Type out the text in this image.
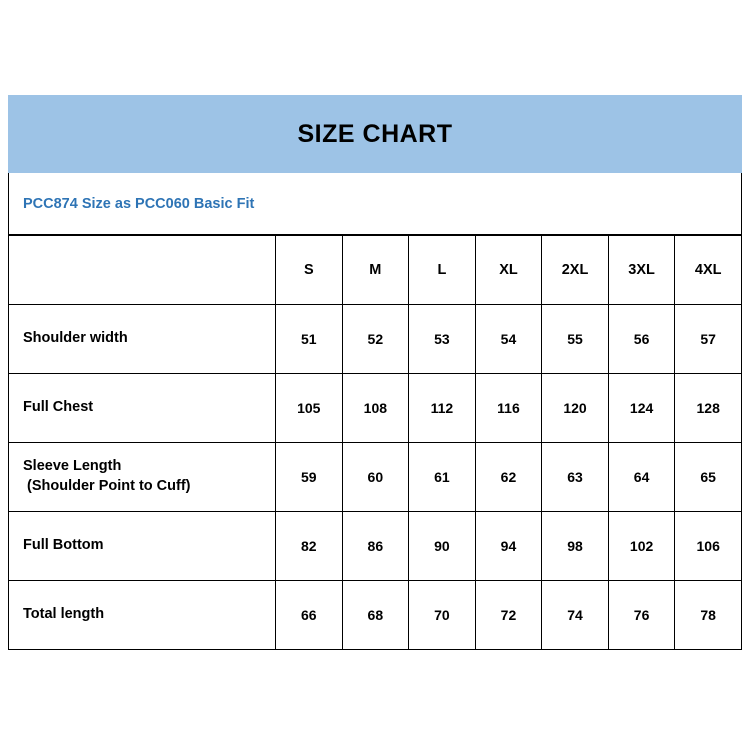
SIZE CHART
PCC874 Size as PCC060 Basic Fit
	S	M	L	XL	2XL	3XL	4XL
Shoulder width	51	52	53	54	55	56	57
Full Chest	105	108	112	116	120	124	128
Sleeve Length
(Shoulder Point to Cuff)	59	60	61	62	63	64	65
Full Bottom	82	86	90	94	98	102	106
Total length	66	68	70	72	74	76	78
